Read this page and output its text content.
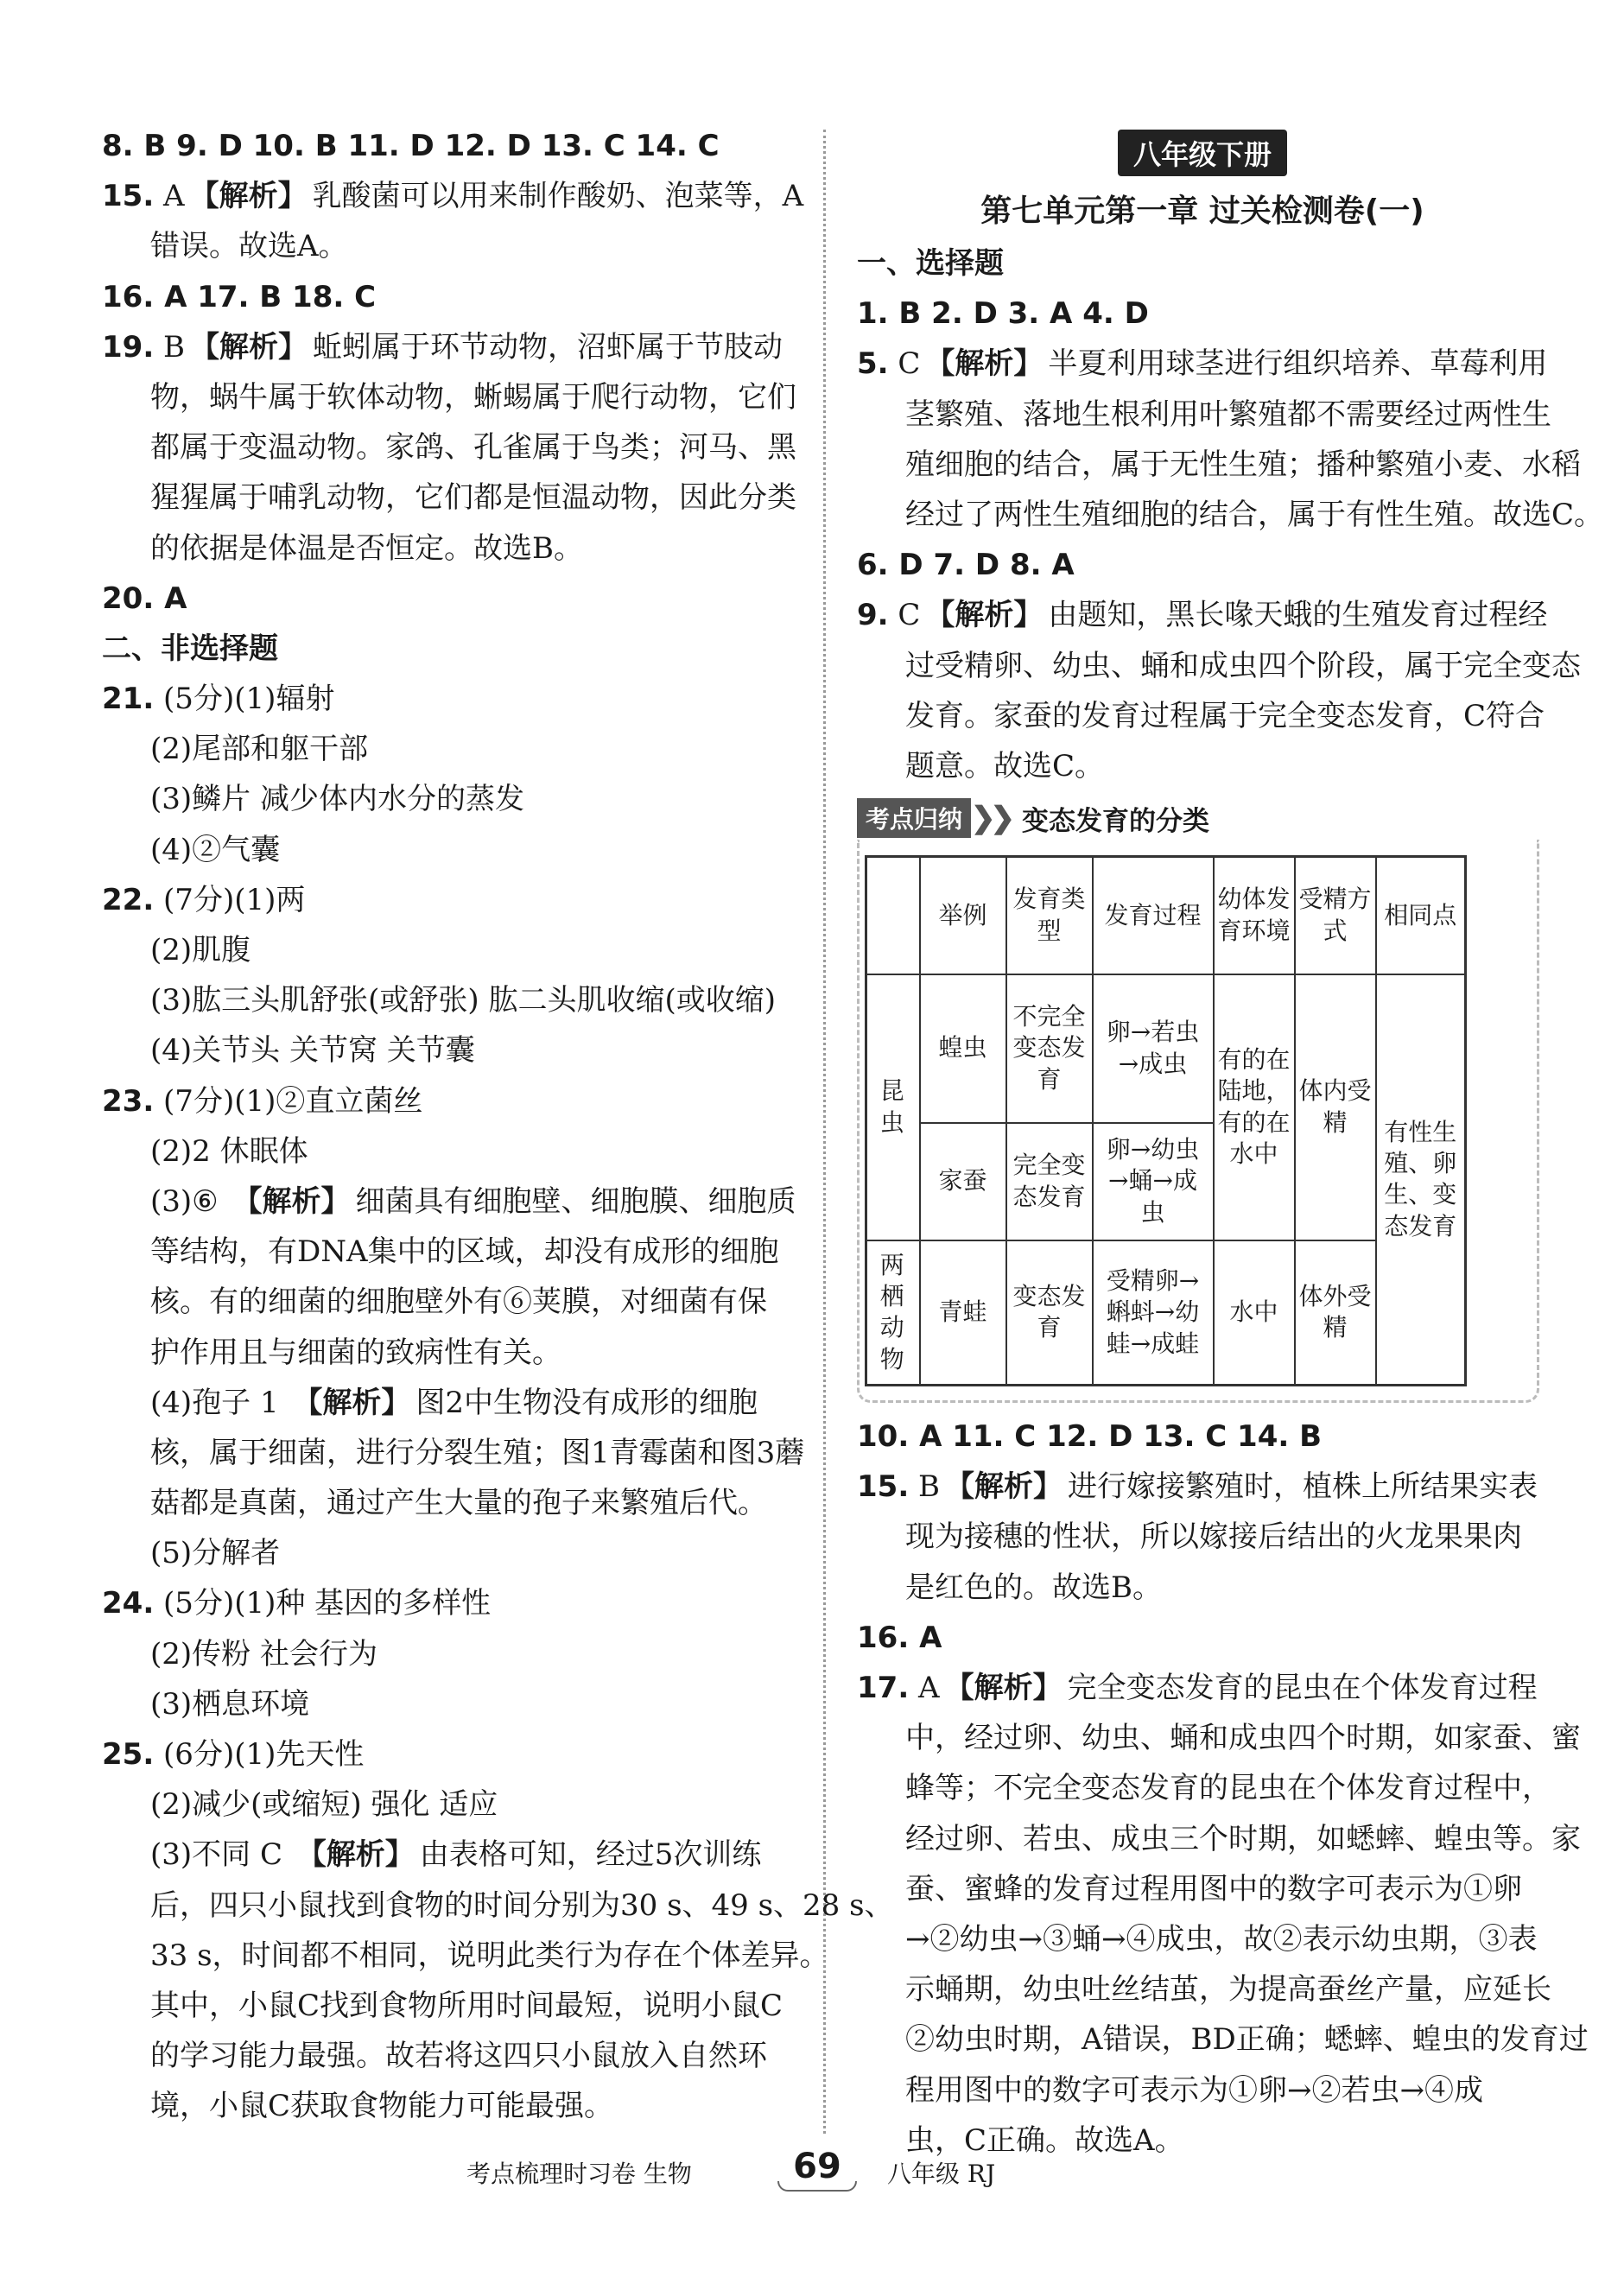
8. B 9. D 10. B 11. D 12. D 13. C 14. C
15. A 【解析】 乳酸菌可以用来制作酸奶、泡菜等，A
错误。故选A。
16. A 17. B 18. C
19. B 【解析】 蚯蚓属于环节动物，沼虾属于节肢动
物，蜗牛属于软体动物，蜥蜴属于爬行动物，它们
都属于变温动物。家鸽、孔雀属于鸟类；河马、黑
猩猩属于哺乳动物，它们都是恒温动物，因此分类
的依据是体温是否恒定。故选B。
20. A
二、非选择题
21. (5分)(1)辐射
(2)尾部和躯干部
(3)鳞片 减少体内水分的蒸发
(4)②气囊
22. (7分)(1)两
(2)肌腹
(3)肱三头肌舒张(或舒张) 肱二头肌收缩(或收缩)
(4)关节头 关节窝 关节囊
23. (7分)(1)②直立菌丝
(2)2 休眠体
(3)⑥ 【解析】 细菌具有细胞壁、细胞膜、细胞质
等结构，有DNA集中的区域，却没有成形的细胞
核。有的细菌的细胞壁外有⑥荚膜，对细菌有保
护作用且与细菌的致病性有关。
(4)孢子 1 【解析】 图2中生物没有成形的细胞
核，属于细菌，进行分裂生殖；图1青霉菌和图3蘑
菇都是真菌，通过产生大量的孢子来繁殖后代。
(5)分解者
24. (5分)(1)种 基因的多样性
(2)传粉 社会行为
(3)栖息环境
25. (6分)(1)先天性
(2)减少(或缩短) 强化 适应
(3)不同 C 【解析】 由表格可知，经过5次训练
后，四只小鼠找到食物的时间分别为30 s、49 s、28 s、
33 s，时间都不相同，说明此类行为存在个体差异。
其中，小鼠C找到食物所用时间最短，说明小鼠C
的学习能力最强。故若将这四只小鼠放入自然环
境，小鼠C获取食物能力可能最强。
八年级下册
第七单元第一章 过关检测卷(一)
一、选择题
1. B 2. D 3. A 4. D
5. C 【解析】 半夏利用球茎进行组织培养、草莓利用
茎繁殖、落地生根利用叶繁殖都不需要经过两性生
殖细胞的结合，属于无性生殖；播种繁殖小麦、水稻
经过了两性生殖细胞的结合，属于有性生殖。故选C。
6. D 7. D 8. A
9. C 【解析】 由题知，黑长喙天蛾的生殖发育过程经
过受精卵、幼虫、蛹和成虫四个阶段，属于完全变态
发育。家蚕的发育过程属于完全变态发育，C符合
题意。故选C。
考点归纳 ❯❯ 变态发育的分类
	举例	发育类型	发育过程	幼体发育环境	受精方式	相同点
昆虫	蝗虫	不完全变态发育	卵→若虫→成虫	有的在陆地，有的在水中	体内受精	有性生殖、卵生、变态发育
	家蚕	完全变态发育	卵→幼虫→蛹→成虫			
两栖动物	青蛙	变态发育	受精卵→蝌蚪→幼蛙→成蛙	水中	体外受精	
10. A 11. C 12. D 13. C 14. B
15. B 【解析】 进行嫁接繁殖时，植株上所结果实表
现为接穗的性状，所以嫁接后结出的火龙果果肉
是红色的。故选B。
16. A
17. A 【解析】 完全变态发育的昆虫在个体发育过程
中，经过卵、幼虫、蛹和成虫四个时期，如家蚕、蜜
蜂等；不完全变态发育的昆虫在个体发育过程中，
经过卵、若虫、成虫三个时期，如蟋蟀、蝗虫等。家
蚕、蜜蜂的发育过程用图中的数字可表示为①卵
→②幼虫→③蛹→④成虫，故②表示幼虫期，③表
示蛹期，幼虫吐丝结茧，为提高蚕丝产量，应延长
②幼虫时期，A错误，BD正确；蟋蟀、蝗虫的发育过
程用图中的数字可表示为①卵→②若虫→④成
虫，C正确。故选A。
考点梳理时习卷 生物	69	八年级 RJ
